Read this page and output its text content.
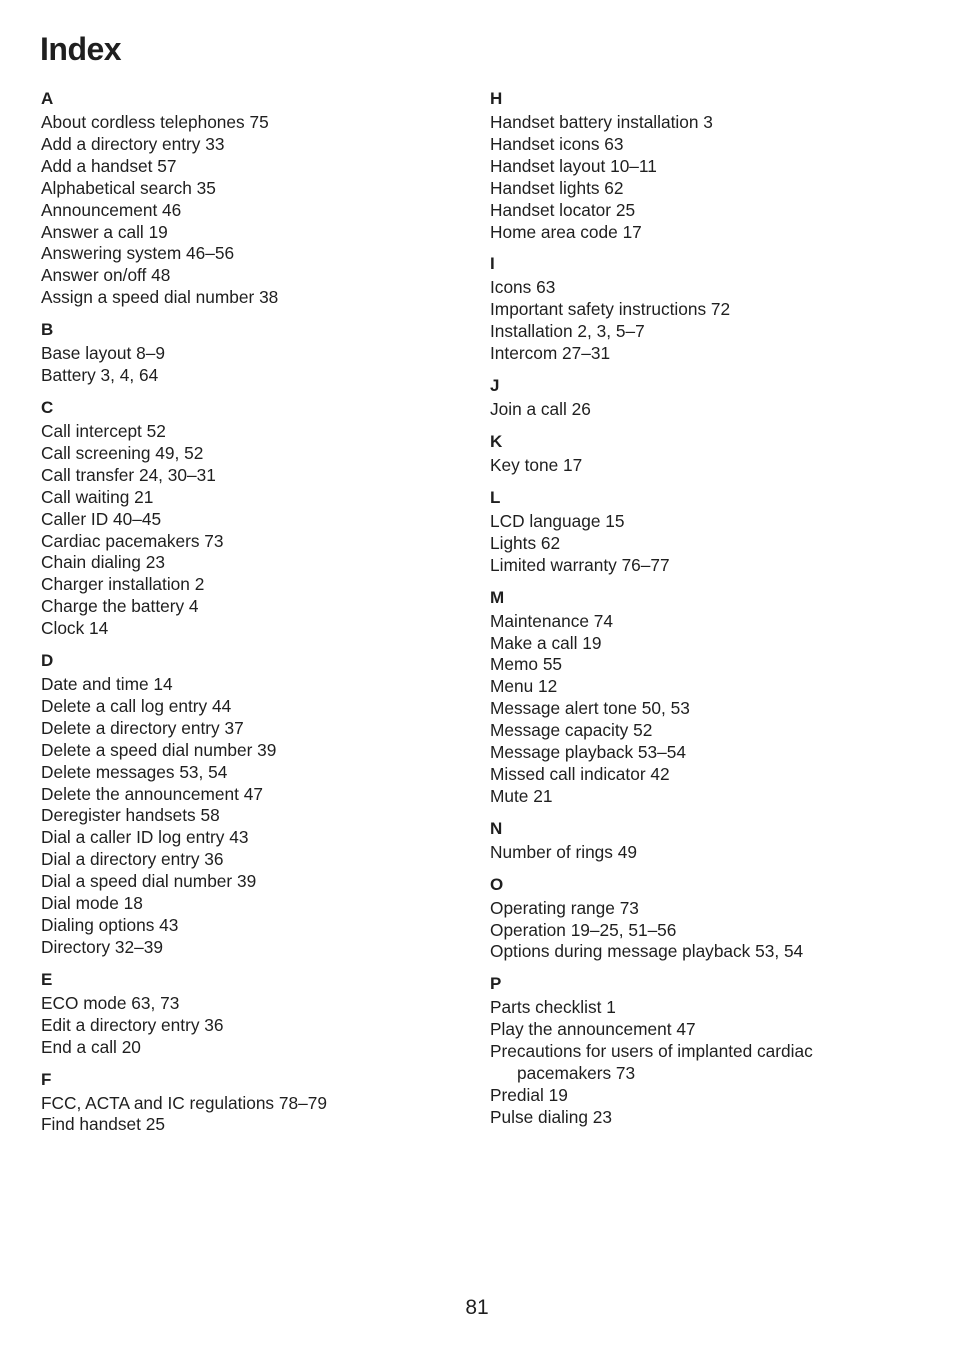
Index
A
About cordless telephones 75
Add a directory entry 33
Add a handset 57
Alphabetical search 35
Announcement 46
Answer a call 19
Answering system 46–56
Answer on/off 48
Assign a speed dial number 38
B
Base layout 8–9
Battery 3, 4, 64
C
Call intercept 52
Call screening 49, 52
Call transfer 24, 30–31
Call waiting 21
Caller ID 40–45
Cardiac pacemakers 73
Chain dialing 23
Charger installation 2
Charge the battery 4
Clock 14
D
Date and time 14
Delete a call log entry 44
Delete a directory entry 37
Delete a speed dial number 39
Delete messages 53, 54
Delete the announcement 47
Deregister handsets 58
Dial a caller ID log entry 43
Dial a directory entry 36
Dial a speed dial number 39
Dial mode 18
Dialing options 43
Directory 32–39
E
ECO mode 63, 73
Edit a directory entry 36
End a call 20
F
FCC, ACTA and IC regulations 78–79
Find handset 25
H
Handset battery installation 3
Handset icons 63
Handset layout 10–11
Handset lights 62
Handset locator 25
Home area code 17
I
Icons 63
Important safety instructions 72
Installation 2, 3, 5–7
Intercom 27–31
J
Join a call 26
K
Key tone 17
L
LCD language 15
Lights 62
Limited warranty 76–77
M
Maintenance 74
Make a call 19
Memo 55
Menu 12
Message alert tone 50, 53
Message capacity 52
Message playback 53–54
Missed call indicator 42
Mute 21
N
Number of rings 49
O
Operating range 73
Operation 19–25, 51–56
Options during message playback 53, 54
P
Parts checklist 1
Play the announcement 47
Precautions for users of implanted cardiac
pacemakers 73
Predial 19
Pulse dialing 23
81
